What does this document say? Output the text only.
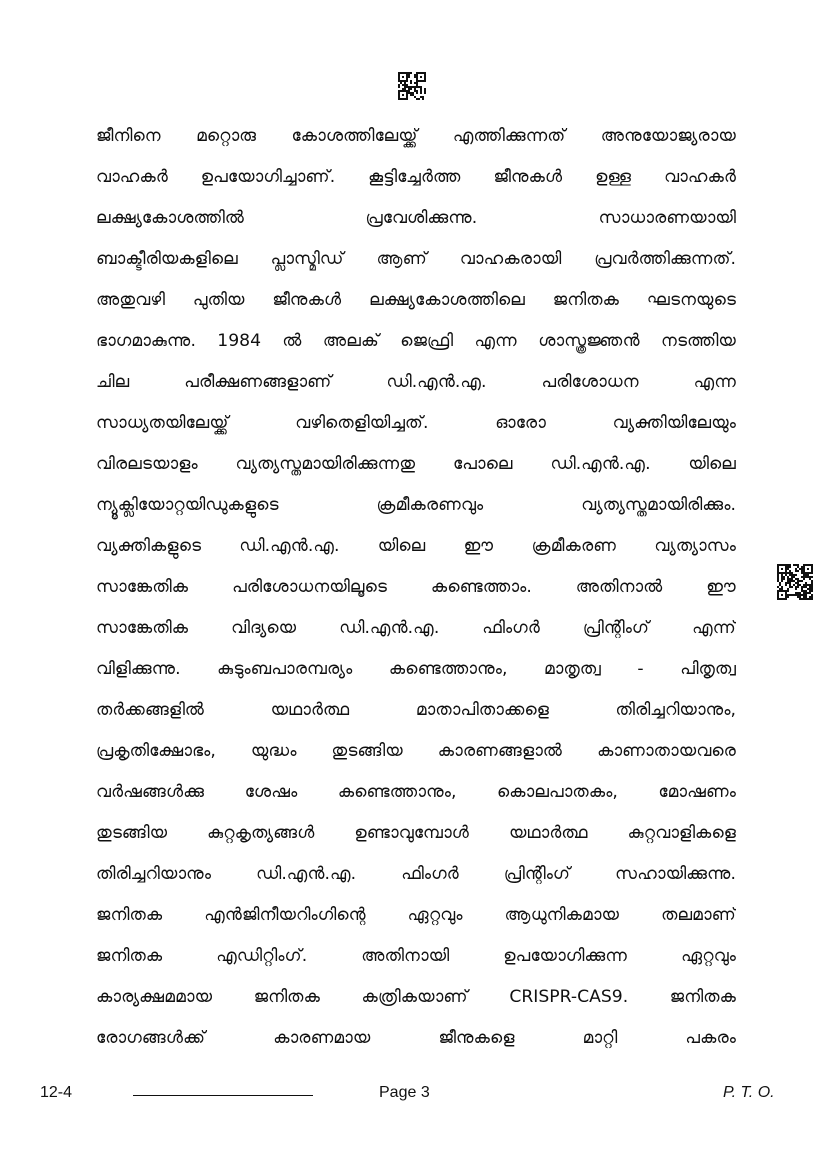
ജീനിനെ മറ്റൊരു കോശത്തിലേയ്ക്ക് എത്തിക്കുന്നത് അനുയോജ്യരായ
വാഹകർ ഉപയോഗിച്ചാണ്. കൂട്ടിച്ചേർത്ത ജീനുകൾ ഉള്ള വാഹകർ
ലക്ഷ്യകോശത്തിൽ പ്രവേശിക്കുന്നു. സാധാരണയായി
ബാക്ടീരിയകളിലെ പ്ലാസ്മിഡ് ആണ് വാഹകരായി പ്രവർത്തിക്കുന്നത്.
അതുവഴി പുതിയ ജീനുകൾ ലക്ഷ്യകോശത്തിലെ ജനിതക ഘടനയുടെ
ഭാഗമാകുന്നു. 1984 ൽ അലക് ജെഫ്രി എന്ന ശാസ്ത്രജ്ഞൻ നടത്തിയ
ചില പരീക്ഷണങ്ങളാണ് ഡി.എൻ.എ. പരിശോധന എന്ന
സാധ്യതയിലേയ്ക്ക് വഴിതെളിയിച്ചത്. ഓരോ വ്യക്തിയിലേയും
വിരലടയാളം വ്യത്യസ്തമായിരിക്കുന്നതു പോലെ ഡി.എൻ.എ. യിലെ
ന്യൂക്ലിയോറ്റയിഡുകളുടെ ക്രമീകരണവും വ്യത്യസ്തമായിരിക്കും.
വ്യക്തികളുടെ ഡി.എൻ.എ. യിലെ ഈ ക്രമീകരണ വ്യത്യാസം
സാങ്കേതിക പരിശോധനയിലൂടെ കണ്ടെത്താം. അതിനാൽ ഈ
സാങ്കേതിക വിദ്യയെ ഡി.എൻ.എ. ഫിംഗർ പ്രിന്റിംഗ് എന്ന്
വിളിക്കുന്നു. കുടുംബപാരമ്പര്യം കണ്ടെത്താനും, മാതൃത്വ - പിതൃത്വ
തർക്കങ്ങളിൽ യഥാർത്ഥ മാതാപിതാക്കളെ തിരിച്ചറിയാനും,
പ്രകൃതിക്ഷോഭം, യുദ്ധം തുടങ്ങിയ കാരണങ്ങളാൽ കാണാതായവരെ
വർഷങ്ങൾക്കു ശേഷം കണ്ടെത്താനും, കൊലപാതകം, മോഷണം
തുടങ്ങിയ കുറ്റകൃത്യങ്ങൾ ഉണ്ടാവുമ്പോൾ യഥാർത്ഥ കുറ്റവാളികളെ
തിരിച്ചറിയാനും ഡി.എൻ.എ. ഫിംഗർ പ്രിന്റിംഗ് സഹായിക്കുന്നു.
ജനിതക എൻജിനീയറിംഗിന്റെ ഏറ്റവും ആധുനികമായ തലമാണ്
ജനിതക എഡിറ്റിംഗ്. അതിനായി ഉപയോഗിക്കുന്ന ഏറ്റവും
കാര്യക്ഷമമായ ജനിതക കത്രികയാണ് CRISPR-CAS9. ജനിതക
രോഗങ്ങൾക്ക് കാരണമായ ജീനുകളെ മാറ്റി പകരം
12-4	Page 3	P. T. O.
